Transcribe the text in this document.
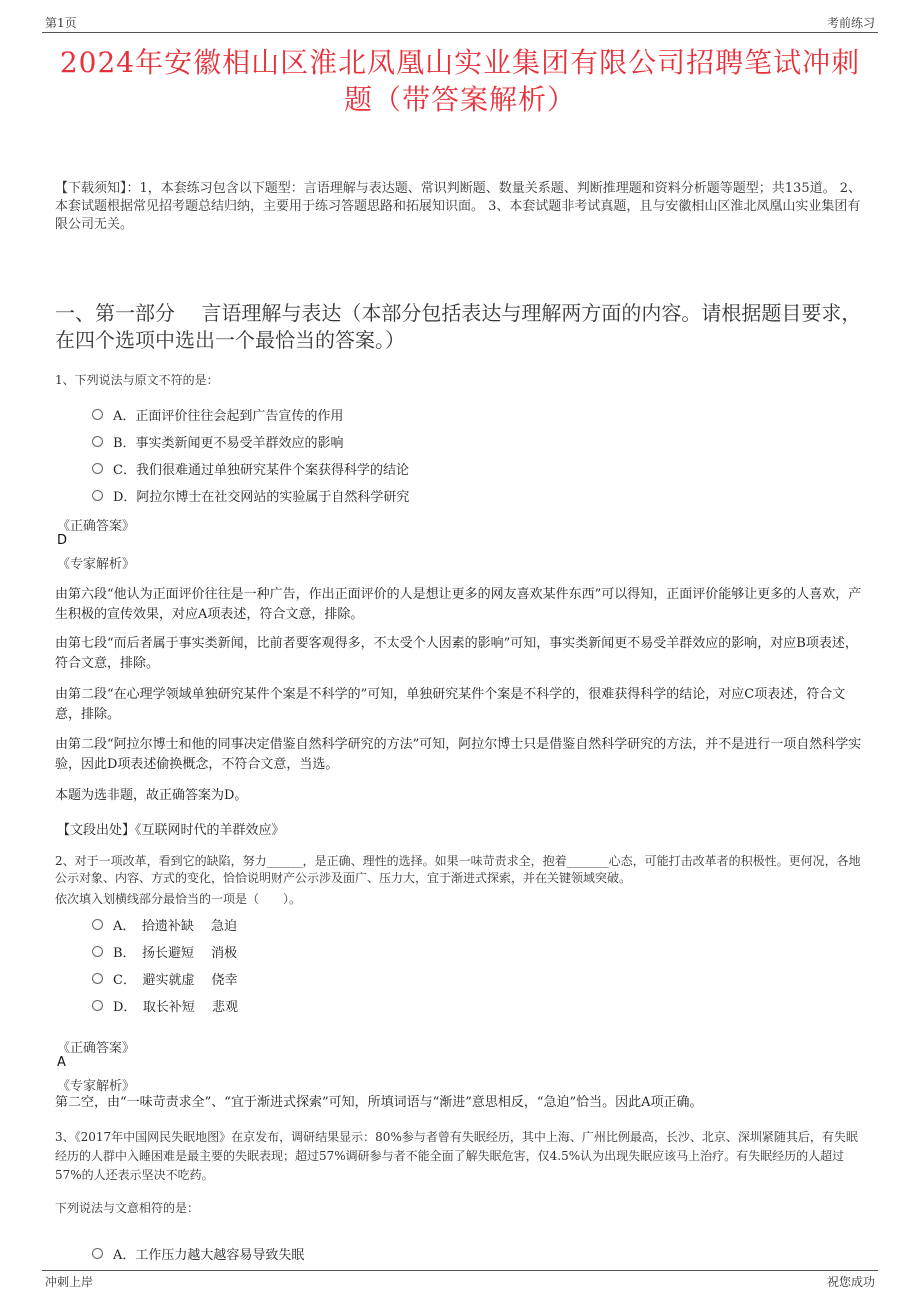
第1页	考前练习
2024年安徽相山区淮北凤凰山实业集团有限公司招聘笔试冲刺题（带答案解析）
【下载须知】：1，本套练习包含以下题型：言语理解与表达题、常识判断题、数量关系题、判断推理题和资料分析题等题型；共135道。 2、本套试题根据常见招考题总结归纳，主要用于练习答题思路和拓展知识面。 3、本套试题非考试真题，且与安徽相山区淮北凤凰山实业集团有限公司无关。
一、第一部分　 言语理解与表达（本部分包括表达与理解两方面的内容。请根据题目要求，在四个选项中选出一个最恰当的答案。）
1、下列说法与原文不符的是：
A．正面评价往往会起到广告宣传的作用
B．事实类新闻更不易受羊群效应的影响
C．我们很难通过单独研究某件个案获得科学的结论
D．阿拉尔博士在社交网站的实验属于自然科学研究
《正确答案》
D
《专家解析》
由第六段“他认为正面评价往往是一种广告，作出正面评价的人是想让更多的网友喜欢某件东西”可以得知，正面评价能够让更多的人喜欢，产生积极的宣传效果，对应A项表述，符合文意，排除。
由第七段“而后者属于事实类新闻，比前者要客观得多，不太受个人因素的影响”可知，事实类新闻更不易受羊群效应的影响，对应B项表述，符合文意，排除。
由第二段“在心理学领域单独研究某件个案是不科学的”可知，单独研究某件个案是不科学的，很难获得科学的结论，对应C项表述，符合文意，排除。
由第二段“阿拉尔博士和他的同事决定借鉴自然科学研究的方法”可知，阿拉尔博士只是借鉴自然科学研究的方法，并不是进行一项自然科学实验，因此D项表述偷换概念，不符合文意，当选。
本题为选非题，故正确答案为D。
【文段出处】《互联网时代的羊群效应》
2、对于一项改革，看到它的缺陷，努力______，是正确、理性的选择。如果一味苛责求全，抱着_______心态，可能打击改革者的积极性。更何况，各地公示对象、内容、方式的变化，恰恰说明财产公示涉及面广、压力大，宜于渐进式探索，并在关键领域突破。
依次填入划横线部分最恰当的一项是（　　）。
A．　拾遗补缺　 急迫
B．　扬长避短　 消极
C．　避实就虚　 侥幸
D．　取长补短　 悲观
《正确答案》
A
《专家解析》
第二空，由“一味苛责求全”、“宜于渐进式探索”可知，所填词语与“渐进”意思相反，“急迫”恰当。因此A项正确。
3、《2017年中国网民失眠地图》在京发布，调研结果显示：80%参与者曾有失眠经历，其中上海、广州比例最高，长沙、北京、深圳紧随其后，有失眠经历的人群中入睡困难是最主要的失眠表现；超过57%调研参与者不能全面了解失眠危害，仅4.5%认为出现失眠应该马上治疗。有失眠经历的人超过57%的人还表示坚决不吃药。
下列说法与文意相符的是：
A．工作压力越大越容易导致失眠
冲刺上岸	祝您成功
